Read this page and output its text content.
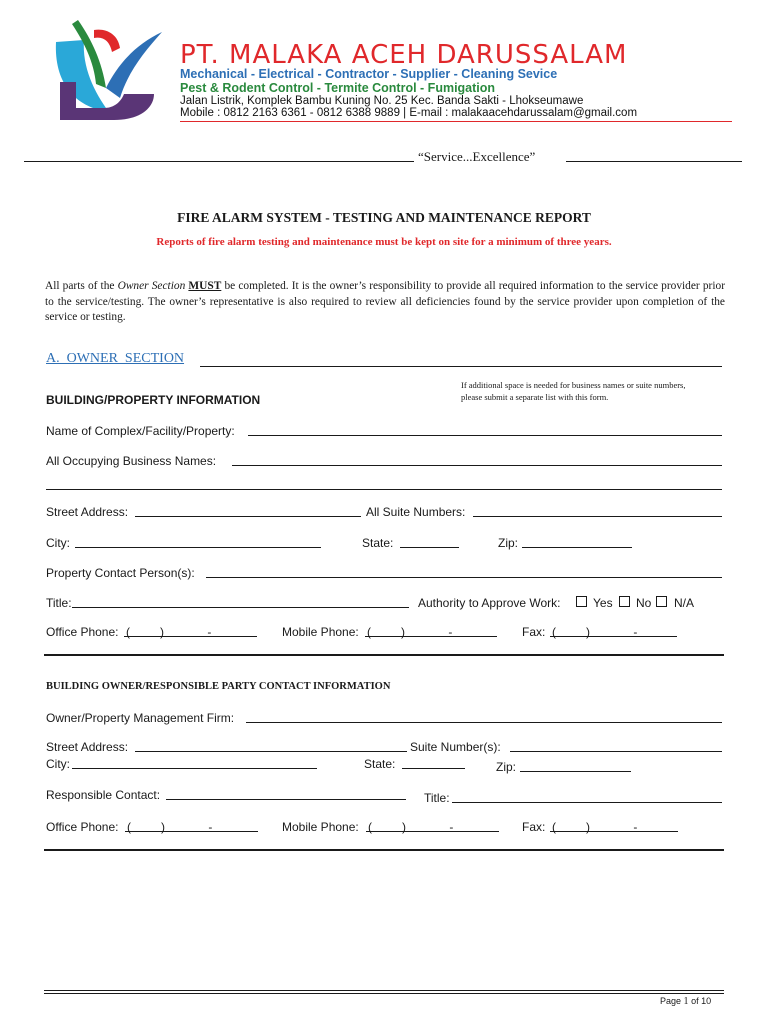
PT. MALAKA ACEH DARUSSALAM
Mechanical - Electrical - Contractor - Supplier - Cleaning Sevice
Pest & Rodent Control - Termite Control - Fumigation
Jalan Listrik, Komplek Bambu Kuning No. 25 Kec. Banda Sakti - Lhokseumawe
Mobile : 0812 2163 6361 - 0812 6388 9889 | E-mail : malakaacehdarussalam@gmail.com
“Service...Excellence”
FIRE ALARM SYSTEM - TESTING AND MAINTENANCE REPORT
Reports of fire alarm testing and maintenance must be kept on site for a minimum of three years.
All parts of the Owner Section MUST be completed. It is the owner’s responsibility to provide all required information to the service provider prior to the service/testing. The owner’s representative is also required to review all deficiencies found by the service provider upon completion of the service or testing.
A.  OWNER  SECTION
BUILDING/PROPERTY INFORMATION
If additional space is needed for business names or suite numbers, please submit a separate list with this form.
Name of Complex/Facility/Property:
All Occupying Business Names:
Street Address:	All Suite Numbers:
City:	State:	Zip:
Property Contact Person(s):
Title:	Authority to Approve Work:	Yes No N/A
Office Phone: (         )             -	Mobile Phone: (         )             -	Fax: (         )             -
BUILDING OWNER/RESPONSIBLE PARTY CONTACT INFORMATION
Owner/Property Management Firm:
Street Address:	Suite Number(s):
City:	State:	Zip:
Responsible Contact:	Title:
Office Phone: (         )             -	Mobile Phone: (         )             -	Fax: (         )             -
Page 1 of 10
